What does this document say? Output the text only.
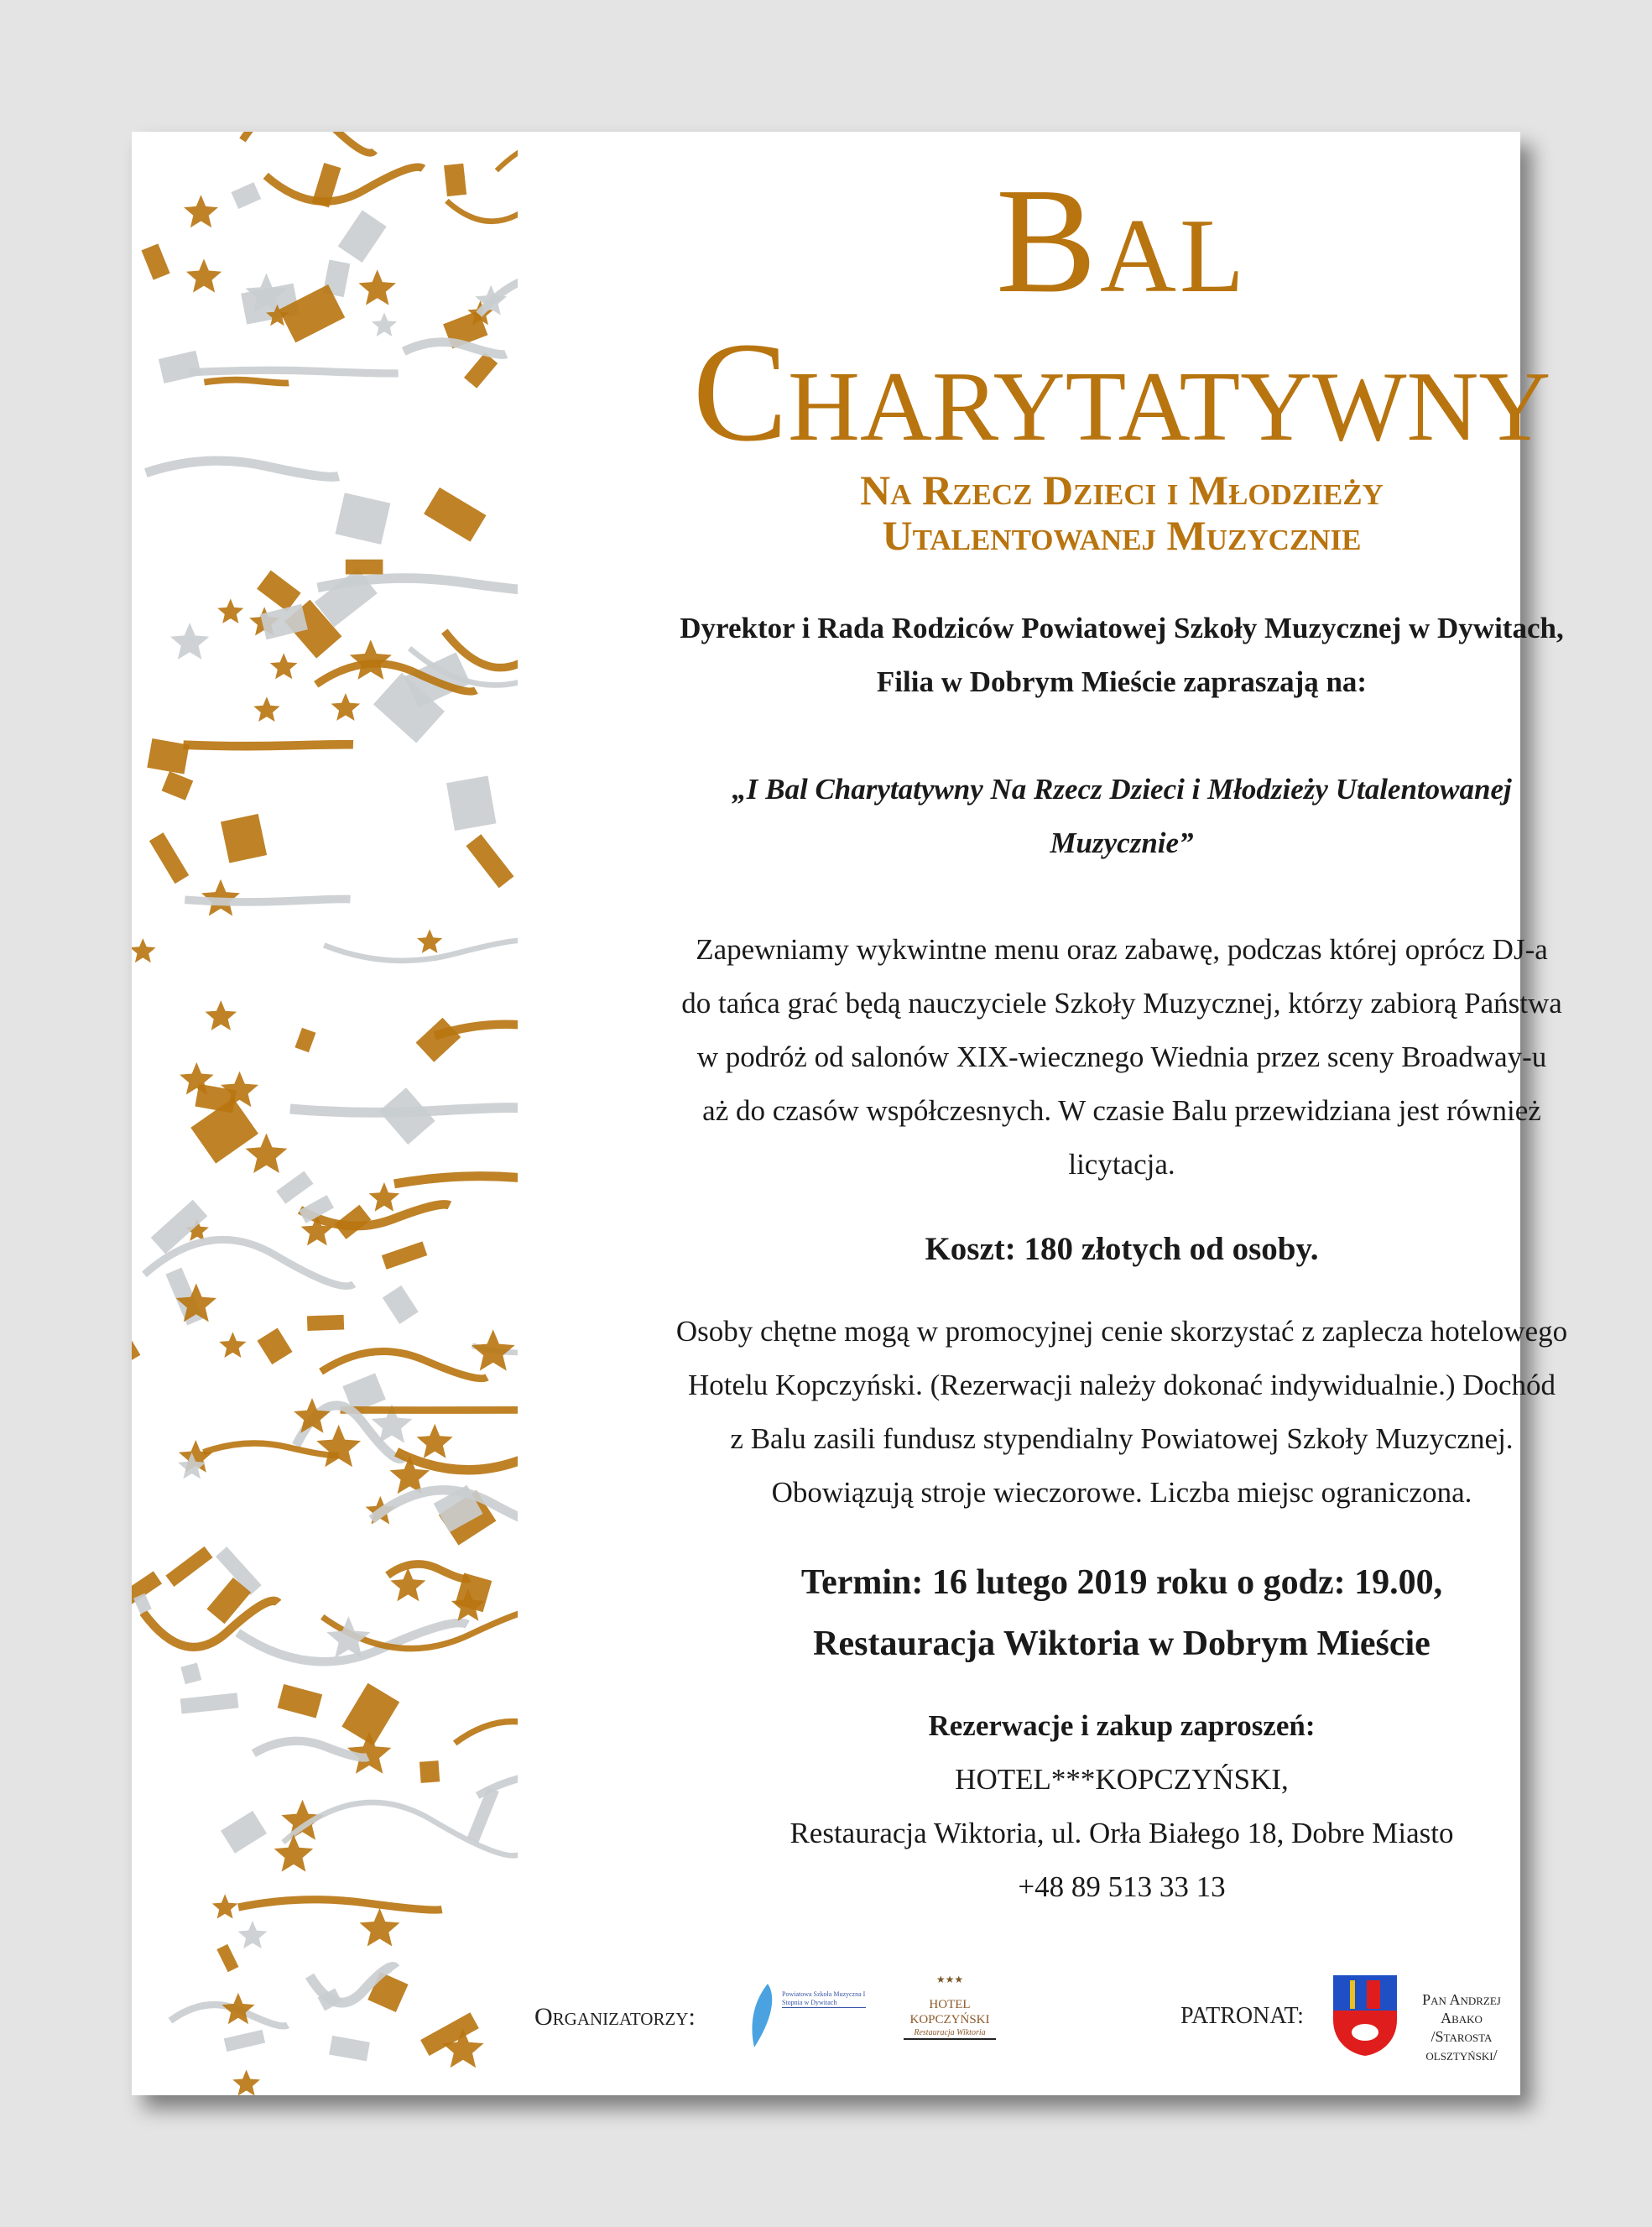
Bal
Charytatywny
Na Rzecz Dzieci i Młodzieży
Utalentowanej Muzycznie
Dyrektor i Rada Rodziców Powiatowej Szkoły Muzycznej w Dywitach,
Filia w Dobrym Mieście zapraszają na:
„I Bal Charytatywny Na Rzecz Dzieci i Młodzieży Utalentowanej
Muzycznie”
Zapewniamy wykwintne menu oraz zabawę, podczas której oprócz DJ-a
do tańca grać będą nauczyciele Szkoły Muzycznej, którzy zabiorą Państwa
w podróż od salonów XIX-wiecznego Wiednia przez sceny Broadway-u
aż do czasów współczesnych. W czasie Balu przewidziana jest również
licytacja.
Koszt: 180 złotych od osoby.
Osoby chętne mogą w promocyjnej cenie skorzystać z zaplecza hotelowego
Hotelu Kopczyński. (Rezerwacji należy dokonać indywidualnie.) Dochód
z Balu zasili fundusz stypendialny Powiatowej Szkoły Muzycznej.
Obowiązują stroje wieczorowe. Liczba miejsc ograniczona.
Termin: 16 lutego 2019 roku o godz: 19.00,
Restauracja Wiktoria w Dobrym Mieście
Rezerwacje i zakup zaproszeń:
HOTEL***KOPCZYŃSKI,
Restauracja Wiktoria, ul. Orła Białego 18, Dobre Miasto
+48 89 513 33 13
Organizatorzy:
Powiatowa Szkoła Muzyczna I Stopnia w Dywitach
★★★
HOTEL
KOPCZYŃSKI
Restauracja Wiktoria
PATRONAT:
Pan Andrzej Abako
/Starosta olsztyński/
